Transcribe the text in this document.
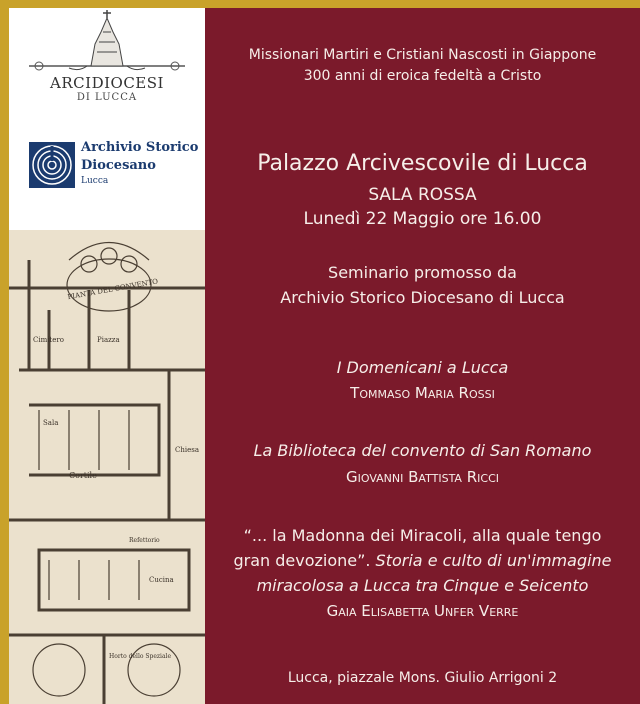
ARCIDIOCESI
DI LUCCA
Archivio Storico
Diocesano
Lucca
PIANTA DEL CONVENTO
Cimitero	Piazza
Cortile
Sala
Refettorio
Cucina
Horto dello Speziale
Chiesa
Missionari Martiri e Cristiani Nascosti in Giappone
300 anni di eroica fedeltà a Cristo
Palazzo Arcivescovile di Lucca
SALA ROSSA
Lunedì 22 Maggio ore 16.00
Seminario promosso da
Archivio Storico Diocesano di Lucca
I Domenicani a Lucca
Tommaso Maria Rossi
La Biblioteca del convento di San Romano
Giovanni Battista Ricci
“... la Madonna dei Miracoli, alla quale tengo
gran devozione”. Storia e culto di un'immagine
miracolosa a Lucca tra Cinque e Seicento
Gaia Elisabetta Unfer Verre
Lucca, piazzale Mons. Giulio Arrigoni 2
